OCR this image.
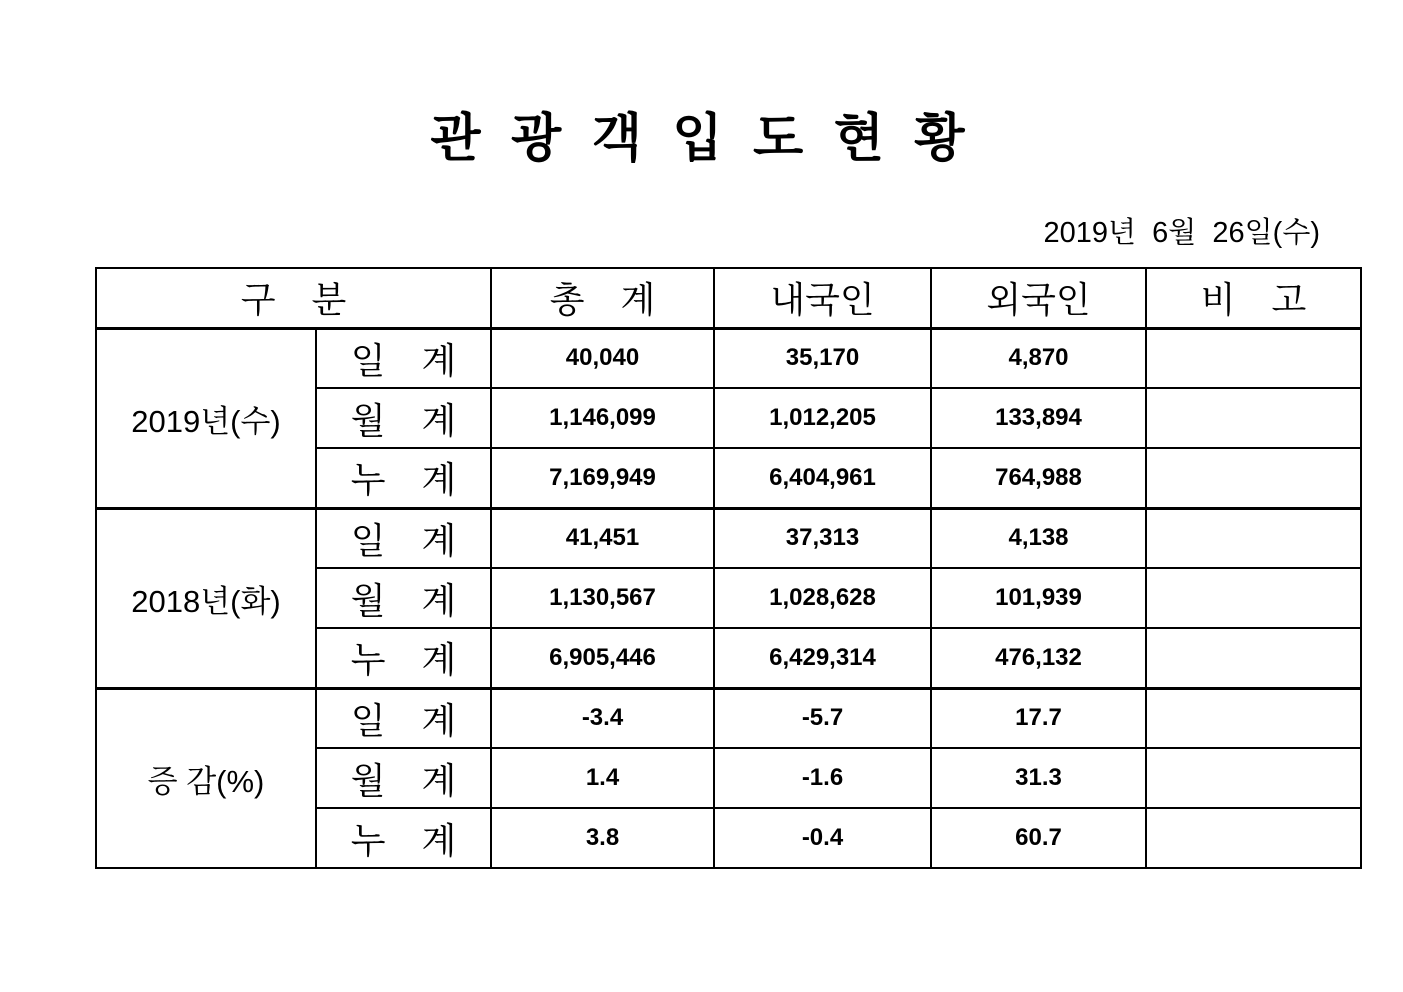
관 광 객 입 도 현 황
2019년  6월  26일(수)
구　분		총　계	내국인	외국인	비　고
2019년(수)	일　계	40,040	35,170	4,870	
	월　계	1,146,099	1,012,205	133,894	
	누　계	7,169,949	6,404,961	764,988	
2018년(화)	일　계	41,451	37,313	4,138	
	월　계	1,130,567	1,028,628	101,939	
	누　계	6,905,446	6,429,314	476,132	
증 감(%)	일　계	-3.4	-5.7	17.7	
	월　계	1.4	-1.6	31.3	
	누　계	3.8	-0.4	60.7	
